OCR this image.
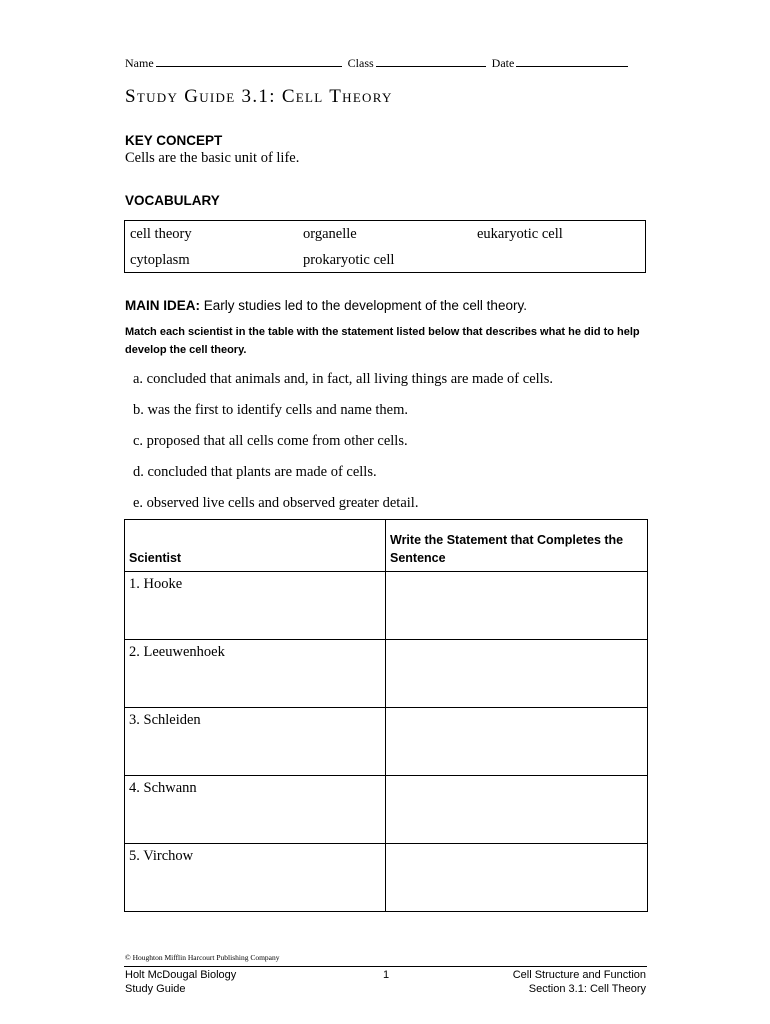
Name	Class	Date
Study Guide 3.1: Cell Theory
KEY CONCEPT
Cells are the basic unit of life.
VOCABULARY
cell theory	organelle	eukaryotic cell
cytoplasm	prokaryotic cell
MAIN IDEA: Early studies led to the development of the cell theory.
Match each scientist in the table with the statement listed below that describes what he did to help develop the cell theory.
a. concluded that animals and, in fact, all living things are made of cells.
b. was the first to identify cells and name them.
c. proposed that all cells come from other cells.
d. concluded that plants are made of cells.
e. observed live cells and observed greater detail.
Scientist	Write the Statement that Completes the Sentence
1. Hooke	
2. Leeuwenhoek	
3. Schleiden	
4. Schwann	
5. Virchow	
© Houghton Mifflin Harcourt Publishing Company
Holt McDougal Biology
Study Guide
1	Cell Structure and Function
Section 3.1: Cell Theory
